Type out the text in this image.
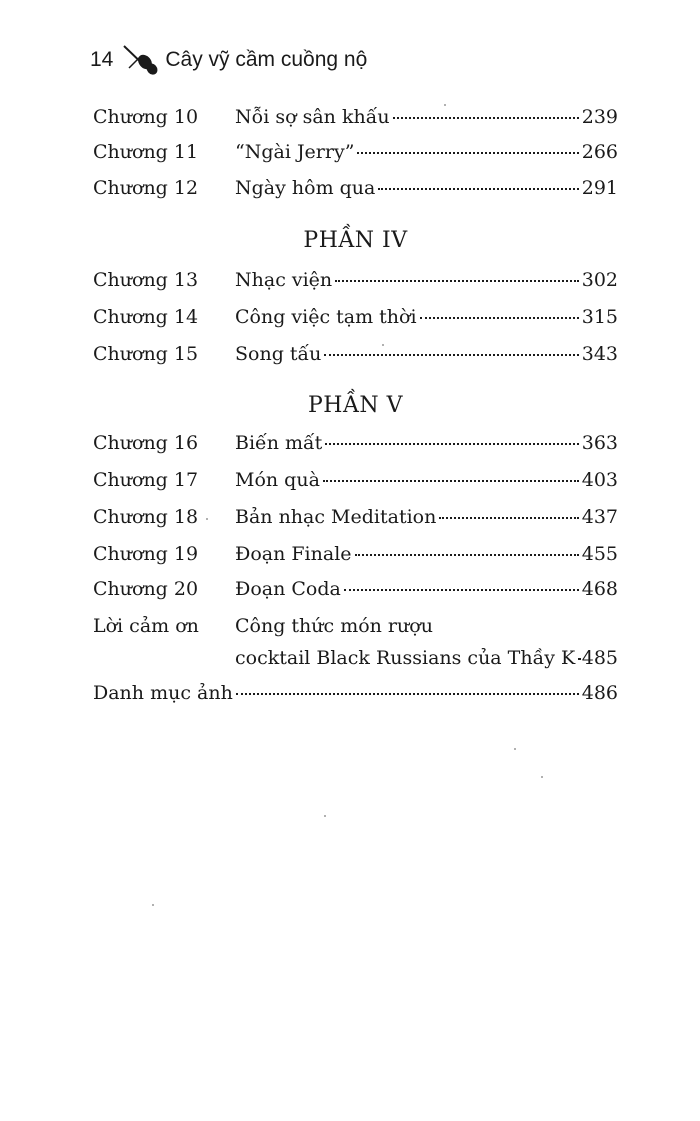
14 Cây vỹ cầm cuồng nộ
Chương 10 Nỗi sợ sân khấu	239
Chương 11 “Ngài Jerry”	266
Chương 12 Ngày hôm qua	291
PHẦN IV
Chương 13 Nhạc viện	302
Chương 14 Công việc tạm thời	315
Chương 15 Song tấu	343
PHẦN V
Chương 16 Biến mất	363
Chương 17 Món quà	403
Chương 18 Bản nhạc Meditation	437
Chương 19 Đoạn Finale	455
Chương 20 Đoạn Coda	468
Lời cảm ơn Công thức món rượu
cocktail Black Russians của Thầy K 485
Danh mục ảnh	486
